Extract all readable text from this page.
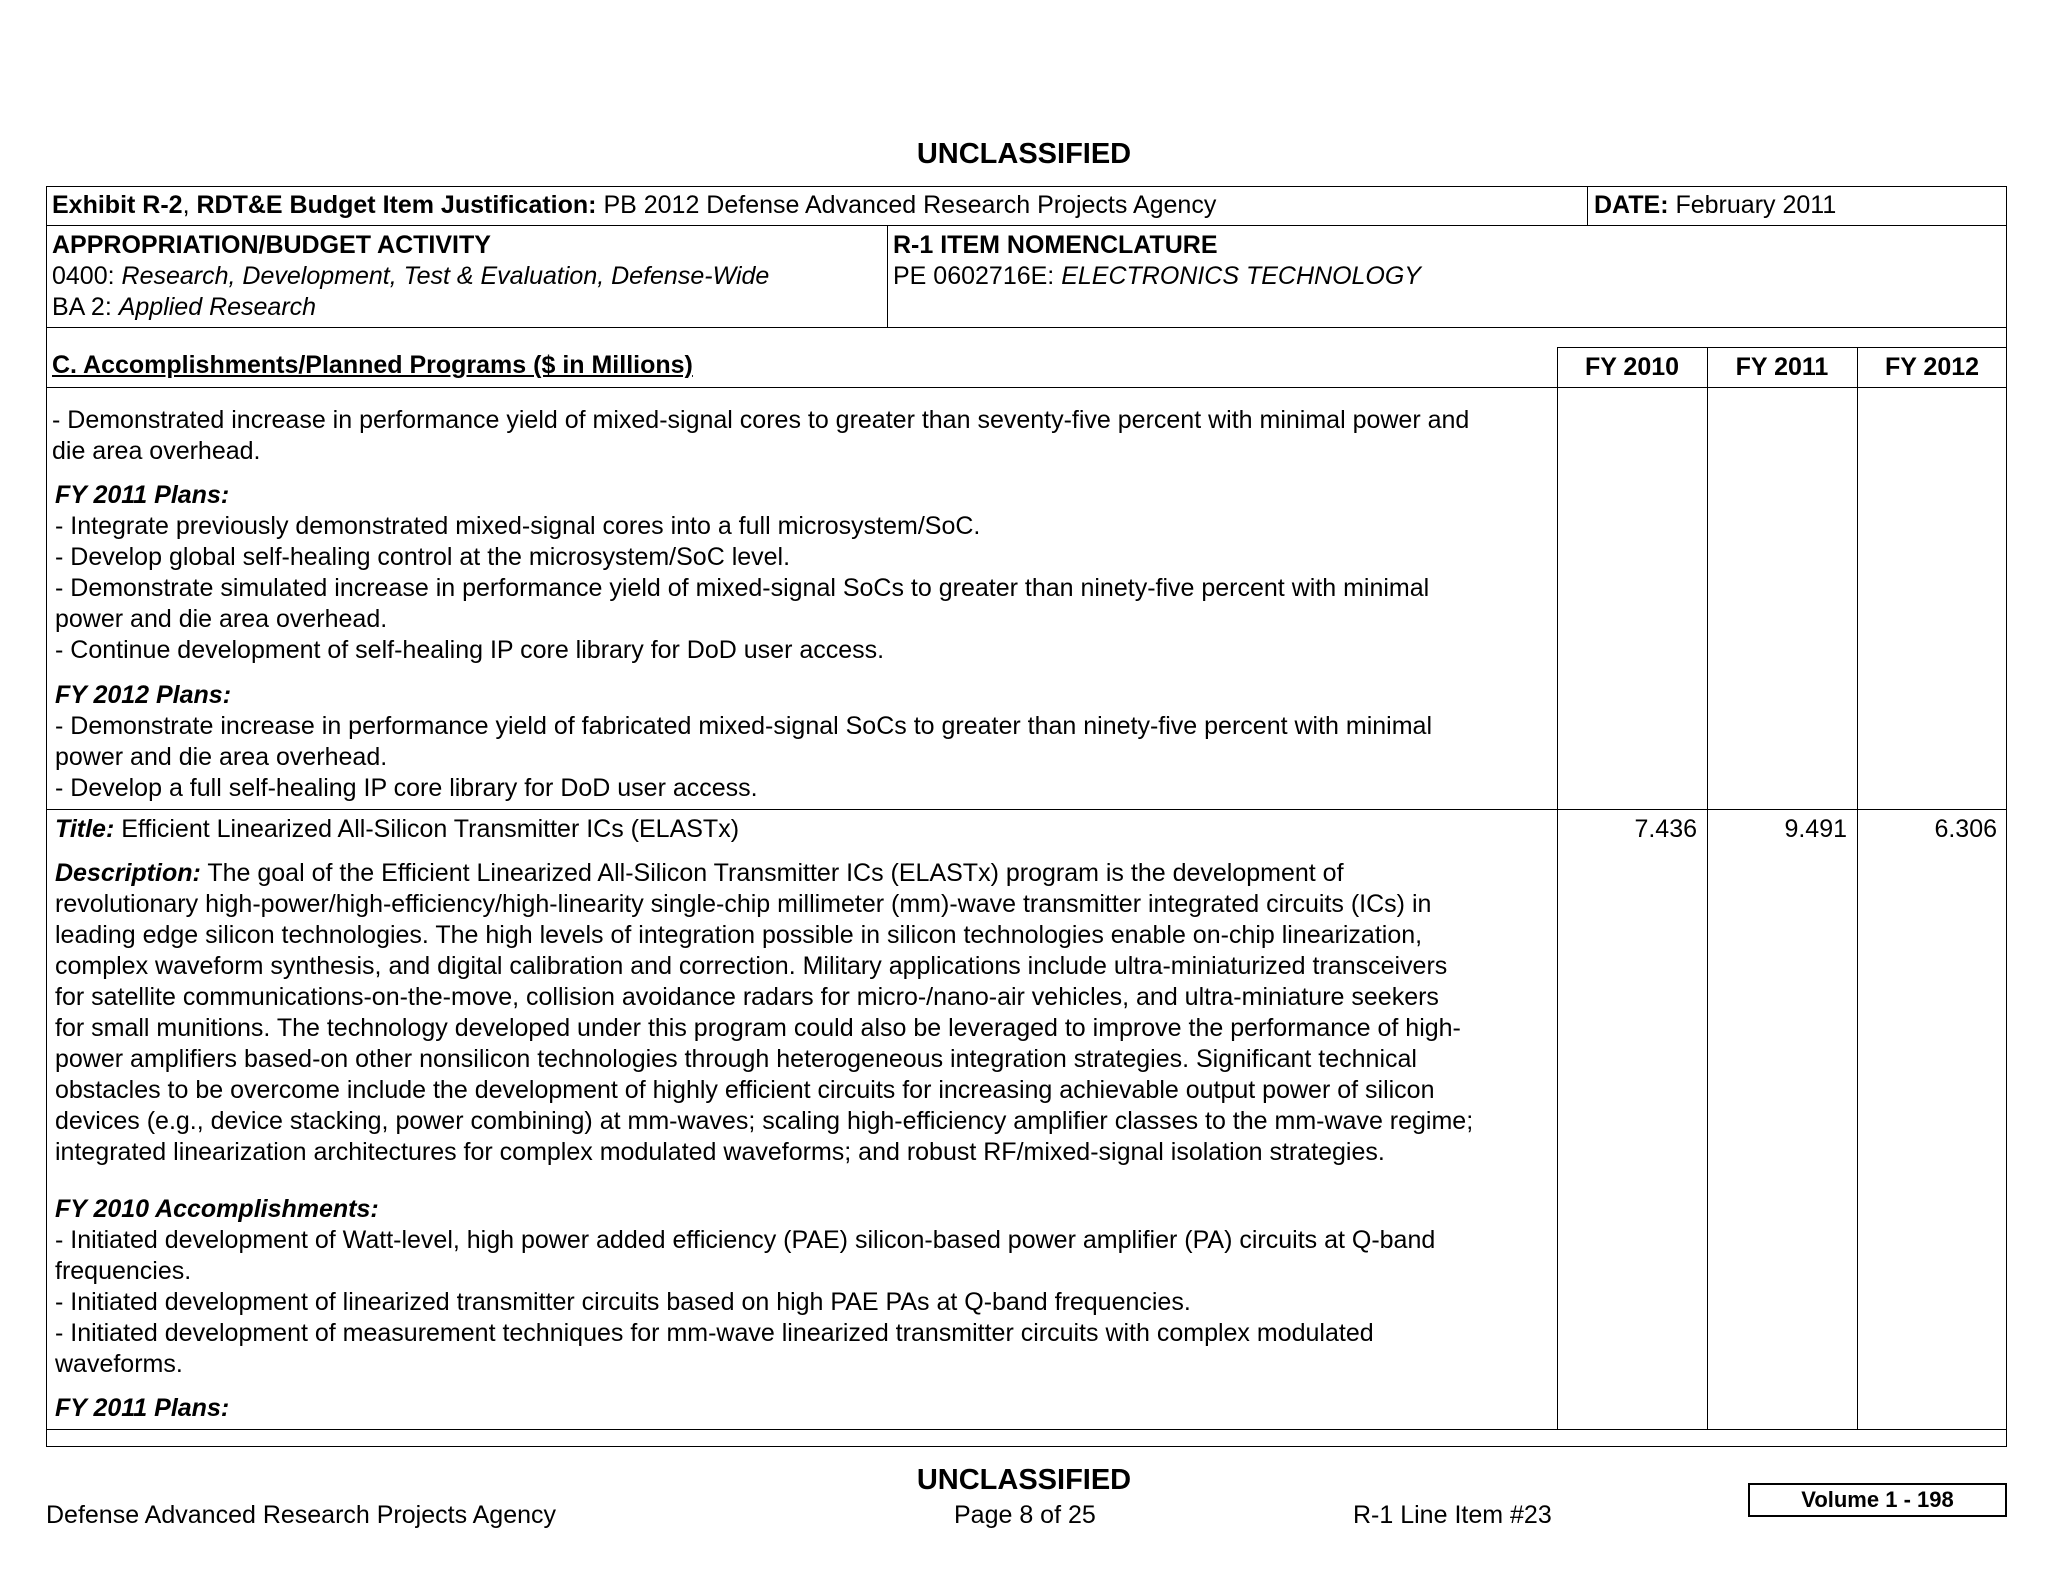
UNCLASSIFIED
Exhibit R-2, RDT&E Budget Item Justification: PB 2012 Defense Advanced Research Projects Agency	DATE: February 2011
APPROPRIATION/BUDGET ACTIVITY
0400: Research, Development, Test & Evaluation, Defense-Wide
BA 2: Applied Research
R-1 ITEM NOMENCLATURE
PE 0602716E: ELECTRONICS TECHNOLOGY
C. Accomplishments/Planned Programs ($ in Millions)	FY 2010	FY 2011	FY 2012
- Demonstrated increase in performance yield of mixed-signal cores to greater than seventy-five percent with minimal power and
die area overhead.
FY 2011 Plans:
- Integrate previously demonstrated mixed-signal cores into a full microsystem/SoC.
- Develop global self-healing control at the microsystem/SoC level.
- Demonstrate simulated increase in performance yield of mixed-signal SoCs to greater than ninety-five percent with minimal
power and die area overhead.
- Continue development of self-healing IP core library for DoD user access.
FY 2012 Plans:
- Demonstrate increase in performance yield of fabricated mixed-signal SoCs to greater than ninety-five percent with minimal
power and die area overhead.
- Develop a full self-healing IP core library for DoD user access.
Title: Efficient Linearized All-Silicon Transmitter ICs (ELASTx)	7.436	9.491	6.306
Description: The goal of the Efficient Linearized All-Silicon Transmitter ICs (ELASTx) program is the development of
revolutionary high-power/high-efficiency/high-linearity single-chip millimeter (mm)-wave transmitter integrated circuits (ICs) in
leading edge silicon technologies. The high levels of integration possible in silicon technologies enable on-chip linearization,
complex waveform synthesis, and digital calibration and correction. Military applications include ultra-miniaturized transceivers
for satellite communications-on-the-move, collision avoidance radars for micro-/nano-air vehicles, and ultra-miniature seekers
for small munitions. The technology developed under this program could also be leveraged to improve the performance of high-
power amplifiers based-on other nonsilicon technologies through heterogeneous integration strategies. Significant technical
obstacles to be overcome include the development of highly efficient circuits for increasing achievable output power of silicon
devices (e.g., device stacking, power combining) at mm-waves; scaling high-efficiency amplifier classes to the mm-wave regime;
integrated linearization architectures for complex modulated waveforms; and robust RF/mixed-signal isolation strategies.
FY 2010 Accomplishments:
- Initiated development of Watt-level, high power added efficiency (PAE) silicon-based power amplifier (PA) circuits at Q-band
frequencies.
- Initiated development of linearized transmitter circuits based on high PAE PAs at Q-band frequencies.
- Initiated development of measurement techniques for mm-wave linearized transmitter circuits with complex modulated
waveforms.
FY 2011 Plans:
UNCLASSIFIED
Defense Advanced Research Projects Agency	Page 8 of 25	R-1 Line Item #23
Volume 1 - 198
